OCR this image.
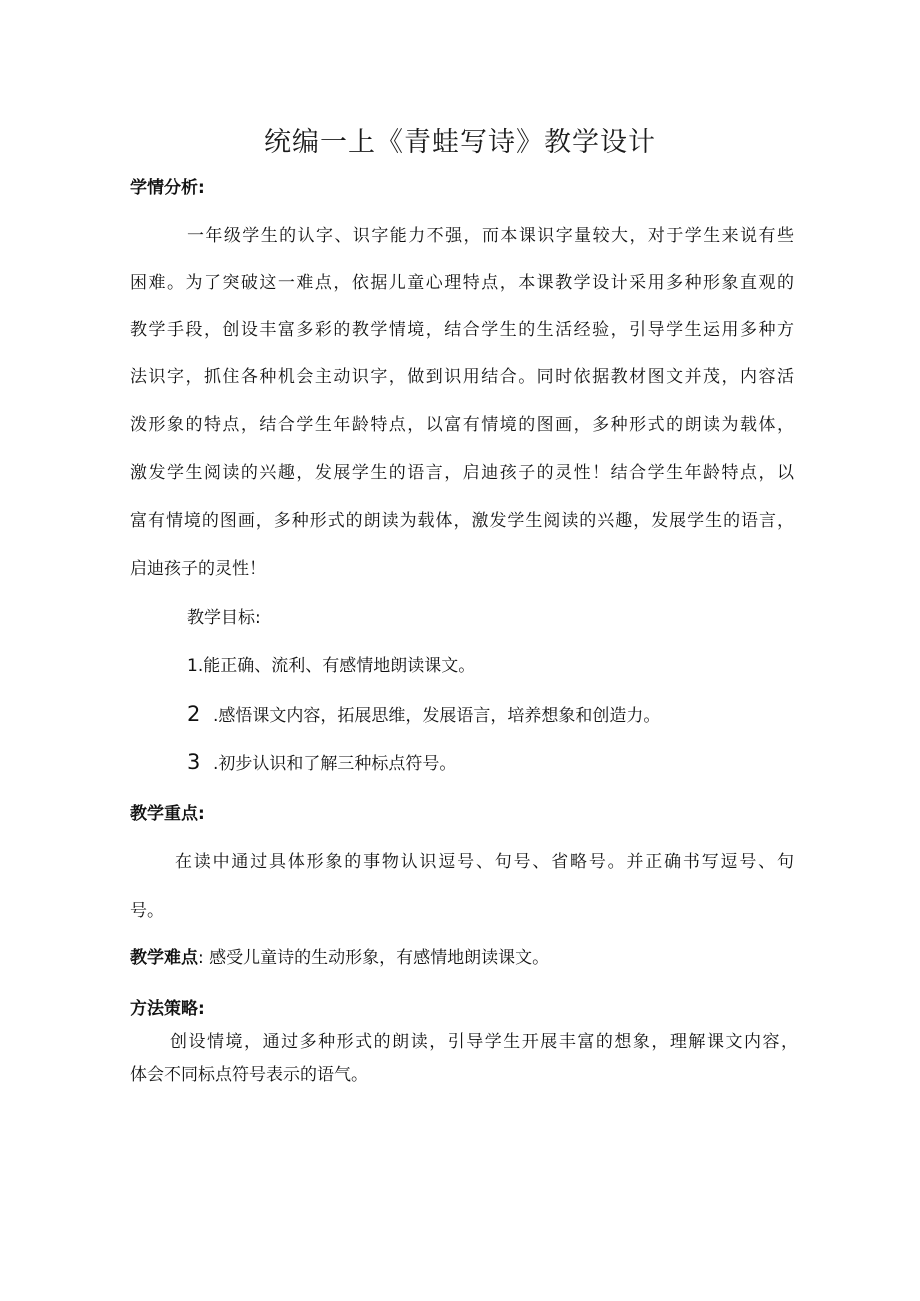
统编一上《青蛙写诗》教学设计
学情分析:
一年级学生的认字、识字能力不强，而本课识字量较大，对于学生来说有些
困难。为了突破这一难点，依据儿童心理特点，本课教学设计采用多种形象直观的
教学手段，创设丰富多彩的教学情境，结合学生的生活经验，引导学生运用多种方
法识字，抓住各种机会主动识字，做到识用结合。同时依据教材图文并茂，内容活
泼形象的特点，结合学生年龄特点，以富有情境的图画，多种形式的朗读为载体，
激发学生阅读的兴趣，发展学生的语言，启迪孩子的灵性！结合学生年龄特点，以
富有情境的图画，多种形式的朗读为载体，激发学生阅读的兴趣，发展学生的语言，
启迪孩子的灵性！
教学目标:
1.能正确、流利、有感情地朗读课文。
2 .感悟课文内容，拓展思维，发展语言，培养想象和创造力。
3 .初步认识和了解三种标点符号。
教学重点:
在读中通过具体形象的事物认识逗号、句号、省略号。并正确书写逗号、句
号。
教学难点: 感受儿童诗的生动形象，有感情地朗读课文。
方法策略:
创设情境，通过多种形式的朗读，引导学生开展丰富的想象，理解课文内容，
体会不同标点符号表示的语气。
